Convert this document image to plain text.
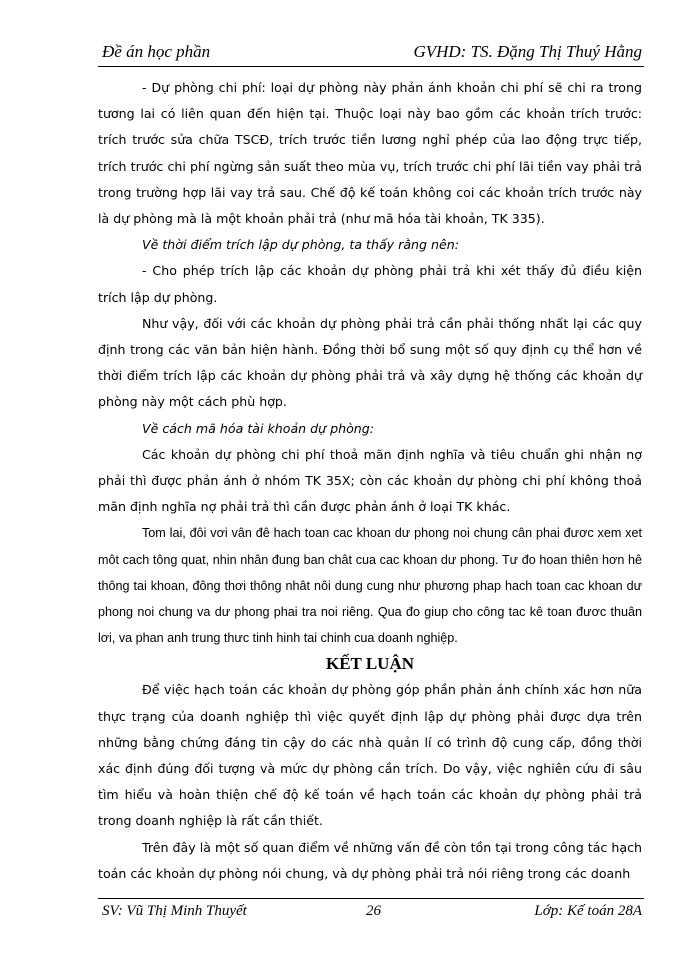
Đề án học phần	GVHD: TS. Đặng Thị Thuý Hằng

- Dự phòng chi phí: loại dự phòng này phản ánh khoản chi phí sẽ chi ra trong tương lai có liên quan đến hiện tại. Thuộc loại này bao gồm các khoản trích trước: trích trước sửa chữa TSCĐ, trích trước tiền lương nghỉ phép của lao động trực tiếp, trích trước chi phí ngừng sản suất theo mùa vụ, trích trước chi phí lãi tiền vay phải trả trong trường hợp lãi vay trả sau. Chế độ kế toán không coi các khoản trích trước này là dự phòng mà là một khoản phải trả (như mã hóa tài khoản, TK 335).

Về thời điểm trích lập dự phòng, ta thấy rằng nên:

- Cho phép trích lập các khoản dự phòng phải trả khi xét thấy đủ điều kiện trích lập dự phòng.

Như vậy, đối với các khoản dự phòng phải trả cần phải thống nhất lại các quy định trong các văn bản hiện hành. Đồng thời bổ sung một số quy định cụ thể hơn về thời điểm trích lập các khoản dự phòng phải trả và xây dựng hệ thống các khoản dự phòng này một cách phù hợp.

Về cách mã hóa tài khoản dự phòng:

Các khoản dự phòng chi phí thoả mãn định nghĩa và tiêu chuẩn ghi nhận nợ phải thì được phản ánh ở nhóm TK 35X; còn các khoản dự phòng chi phí không thoả mãn định nghĩa nợ phải trả thì cần được phản ánh ở loại TK khác.

Tom lai, đôi vơi vân đê hach toan cac khoan dư phong noi chung cân phai đươc xem xet môt cach tông quat, nhin nhân đung ban chât cua cac khoan dư phong. Tư đo hoan thiên hơn hê thông tai khoan, đông thơi thông nhât nôi dung cung như phương phap hach toan cac khoan dư phong noi chung va dư phong phai tra noi riêng. Qua đo giup cho công tac kê toan đươc thuân lơi, va phan anh trung thưc tinh hinh tai chinh cua doanh nghiệp.

KẾT LUẬN

Để việc hạch toán các khoản dự phòng góp phần phản ánh chính xác hơn nữa thực trạng của doanh nghiệp thì việc quyết định lập dự phòng phải được dựa trên những bằng chứng đáng tin cậy do các nhà quản lí có trình độ cung cấp, đồng thời xác định đúng đối tượng và mức dự phòng cần trích. Do vậy, việc nghiên cứu đi sâu tìm hiểu và hoàn thiện chế độ kế toán về hạch toán các khoản dự phòng phải trả trong doanh nghiệp là rất cần thiết.

Trên đây là một số quan điểm về những vấn đề còn tồn tại trong công tác hạch toán các khoản dự phòng nói chung, và dự phòng phải trả nói riêng trong các doanh

SV: Vũ Thị Minh Thuyết	26	Lớp: Kế toán 28A
